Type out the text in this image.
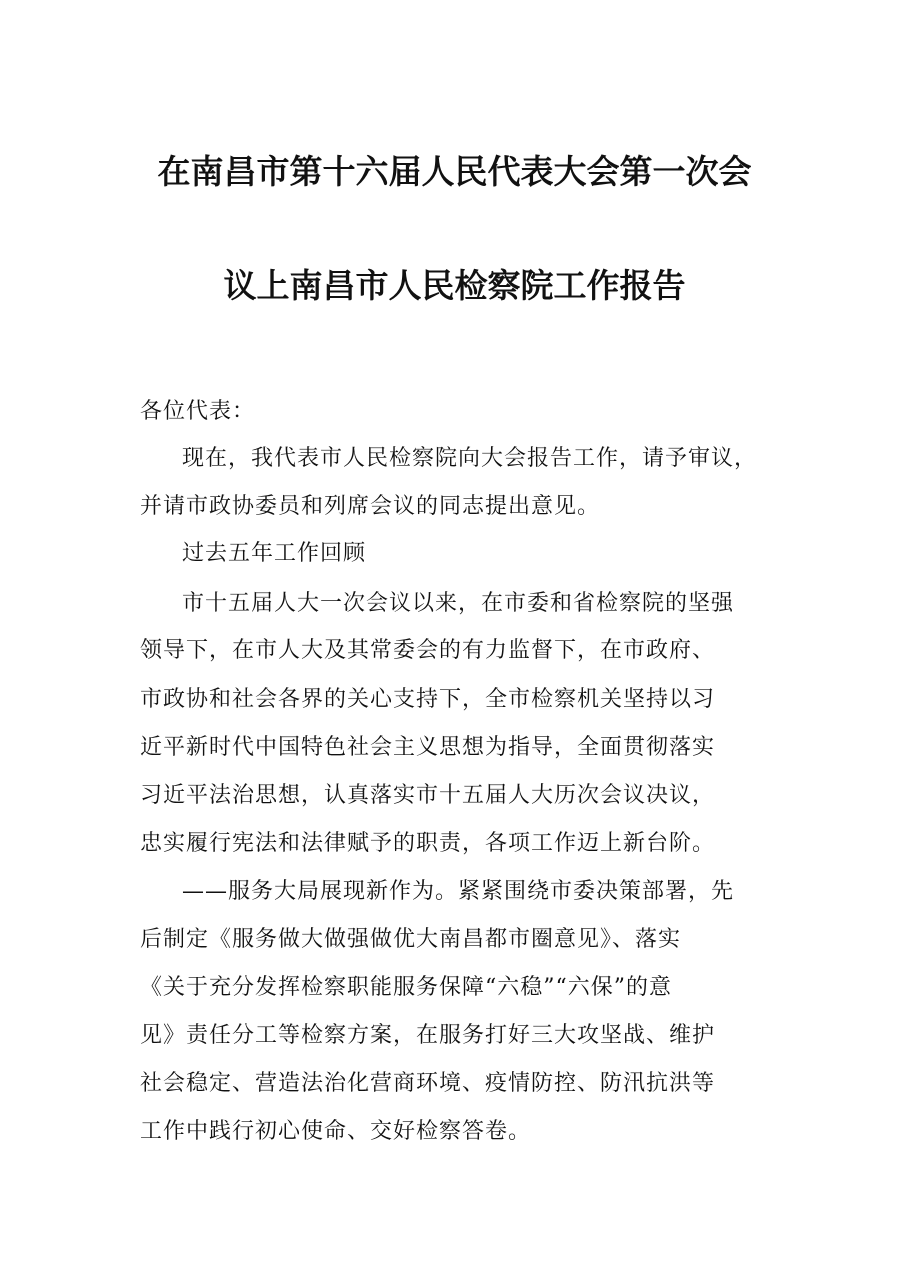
在南昌市第十六届人民代表大会第一次会
议上南昌市人民检察院工作报告
各位代表：
现在，我代表市人民检察院向大会报告工作，请予审议，
并请市政协委员和列席会议的同志提出意见。
过去五年工作回顾
市十五届人大一次会议以来，在市委和省检察院的坚强
领导下，在市人大及其常委会的有力监督下，在市政府、
市政协和社会各界的关心支持下，全市检察机关坚持以习
近平新时代中国特色社会主义思想为指导，全面贯彻落实
习近平法治思想，认真落实市十五届人大历次会议决议，
忠实履行宪法和法律赋予的职责，各项工作迈上新台阶。
——服务大局展现新作为。紧紧围绕市委决策部署，先
后制定《服务做大做强做优大南昌都市圈意见》、落实
《关于充分发挥检察职能服务保障“六稳”“六保”的意
见》责任分工等检察方案，在服务打好三大攻坚战、维护
社会稳定、营造法治化营商环境、疫情防控、防汛抗洪等
工作中践行初心使命、交好检察答卷。
